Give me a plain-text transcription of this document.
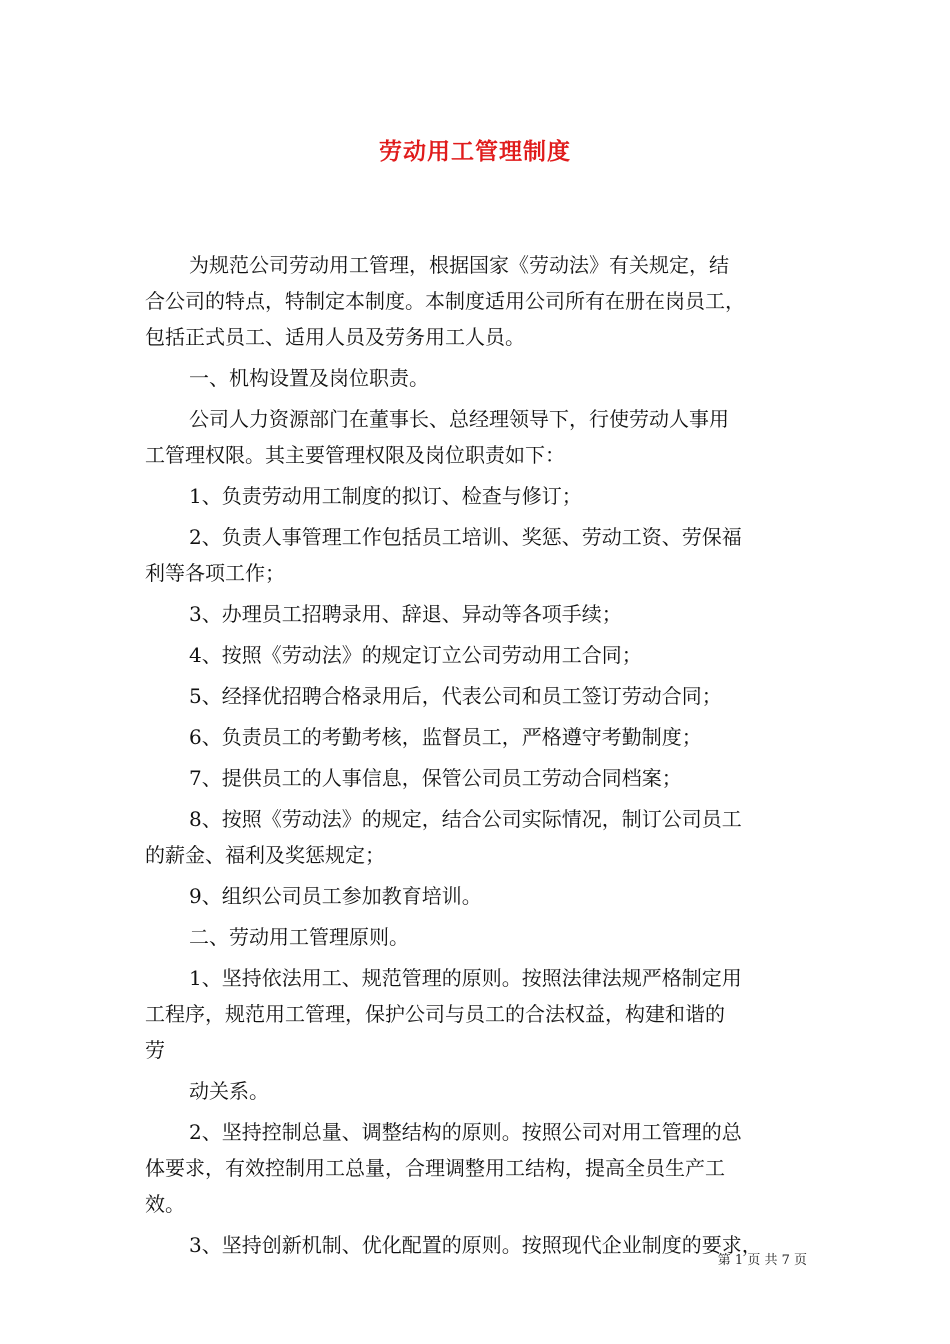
劳动用工管理制度
为规范公司劳动用工管理，根据国家《劳动法》有关规定，结
合公司的特点，特制定本制度。本制度适用公司所有在册在岗员工，
包括正式员工、适用人员及劳务用工人员。
一、机构设置及岗位职责。
公司人力资源部门在董事长、总经理领导下，行使劳动人事用
工管理权限。其主要管理权限及岗位职责如下：
1、负责劳动用工制度的拟订、检查与修订；
2、负责人事管理工作包括员工培训、奖惩、劳动工资、劳保福
利等各项工作；
3、办理员工招聘录用、辞退、异动等各项手续；
4、按照《劳动法》的规定订立公司劳动用工合同；
5、经择优招聘合格录用后，代表公司和员工签订劳动合同；
6、负责员工的考勤考核，监督员工，严格遵守考勤制度；
7、提供员工的人事信息，保管公司员工劳动合同档案；
8、按照《劳动法》的规定，结合公司实际情况，制订公司员工
的薪金、福利及奖惩规定；
9、组织公司员工参加教育培训。
二、劳动用工管理原则。
1、坚持依法用工、规范管理的原则。按照法律法规严格制定用
工程序，规范用工管理，保护公司与员工的合法权益，构建和谐的
劳
动关系。
2、坚持控制总量、调整结构的原则。按照公司对用工管理的总
体要求，有效控制用工总量，合理调整用工结构，提高全员生产工
效。
3、坚持创新机制、优化配置的原则。按照现代企业制度的要求，
第 1 页 共 7 页
